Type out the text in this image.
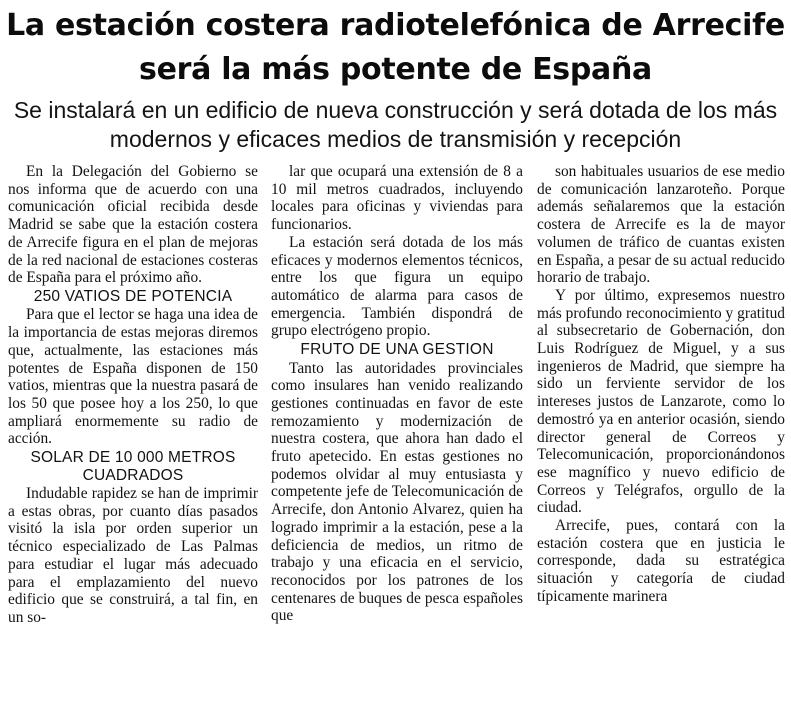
La estación costera radiotelefónica de Arrecife será la más potente de España
Se instalará en un edificio de nueva construcción y será dotada de los más modernos y eficaces medios de transmisión y recepción

En la Delegación del Gobierno se nos informa que de acuerdo con una comunicación oficial recibida desde Madrid se sabe que la estación costera de Arrecife figura en el plan de mejoras de la red nacional de estaciones costeras de España para el próximo año.

250 VATIOS DE POTENCIA

Para que el lector se haga una idea de la importancia de estas mejoras diremos que, actualmente, las estaciones más potentes de España disponen de 150 vatios, mientras que la nuestra pasará de los 50 que posee hoy a los 250, lo que ampliará enormemente su radio de acción.

SOLAR DE 10 000 METROS CUADRADOS

Indudable rapidez se han de imprimir a estas obras, por cuanto días pasados visitó la isla por orden superior un técnico especializado de Las Palmas para estudiar el lugar más adecuado para el emplazamiento del nuevo edificio que se construirá, a tal fin, en un so-

lar que ocupará una extensión de 8 a 10 mil metros cuadrados, incluyendo locales para oficinas y viviendas para funcionarios.

La estación será dotada de los más eficaces y modernos elementos técnicos, entre los que figura un equipo automático de alarma para casos de emergencia. También dispondrá de grupo electrógeno propio.

FRUTO DE UNA GESTION

Tanto las autoridades provinciales como insulares han venido realizando gestiones continuadas en favor de este remozamiento y modernización de nuestra costera, que ahora han dado el fruto apetecido. En estas gestiones no podemos olvidar al muy entusiasta y competente jefe de Telecomunicación de Arrecife, don Antonio Alvarez, quien ha logrado imprimir a la estación, pese a la deficiencia de medios, un ritmo de trabajo y una eficacia en el servicio, reconocidos por los patrones de los centenares de buques de pesca españoles que

son habituales usuarios de ese medio de comunicación lanzaroteño. Porque además señalaremos que la estación costera de Arrecife es la de mayor volumen de tráfico de cuantas existen en España, a pesar de su actual reducido horario de trabajo.

Y por último, expresemos nuestro más profundo reconocimiento y gratitud al subsecretario de Gobernación, don Luis Rodríguez de Miguel, y a sus ingenieros de Madrid, que siempre ha sido un ferviente servidor de los intereses justos de Lanzarote, como lo demostró ya en anterior ocasión, siendo director general de Correos y Telecomunicación, proporcionándonos ese magnífico y nuevo edificio de Correos y Telégrafos, orgullo de la ciudad.

Arrecife, pues, contará con la estación costera que en justicia le corresponde, dada su estratégica situación y categoría de ciudad típicamente marinera
